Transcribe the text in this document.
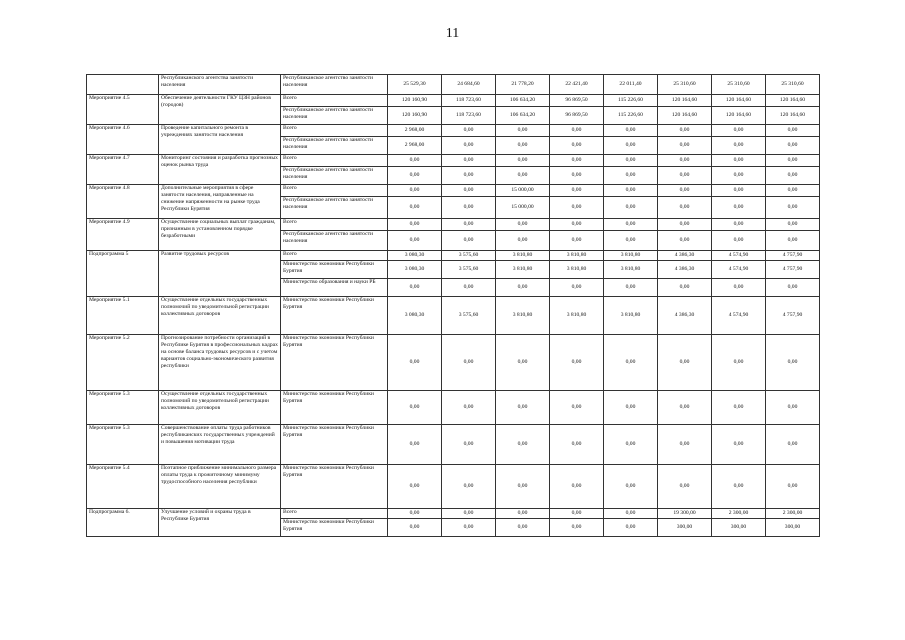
11
	Республиканского агентства занятости населения	Республиканское агентство занятости населения	25 529,30	24 684,60	21 778,20	22 421,40	22 011,40	25 310,60	25 310,60	25 310,60
Мероприятие 4.5	Обеспечение деятельности ГКУ ЦЗН районов (городов)	Всего	120 160,90	118 723,60	106 634,20	96 869,50	115 226,60	120 164,60	120 164,60	120 164,60
		Республиканское агентство занятости населения	120 160,90	118 723,60	106 634,20	96 869,50	115 226,60	120 164,60	120 164,60	120 164,60
Мероприятие 4.6	Проведение капитального ремонта в учреждениях занятости населения	Всего	2 968,00	0,00	0,00	0,00	0,00	0,00	0,00	0,00
		Республиканское агентство занятости населения	2 968,00	0,00	0,00	0,00	0,00	0,00	0,00	0,00
Мероприятие 4.7	Мониторинг состояния и разработка прогнозных оценок рынка труда	Всего	0,00	0,00	0,00	0,00	0,00	0,00	0,00	0,00
		Республиканское агентство занятости населения	0,00	0,00	0,00	0,00	0,00	0,00	0,00	0,00
Мероприятие 4.8	Дополнительные мероприятия в сфере занятости населения, направленные на снижение напряженности на рынке труда Республики Бурятия	Всего	0,00	0,00	15 000,00	0,00	0,00	0,00	0,00	0,00
		Республиканское агентство занятости населения	0,00	0,00	15 000,00	0,00	0,00	0,00	0,00	0,00
Мероприятие 4.9	Осуществление социальных выплат гражданам, признанным в установленном порядке безработными	Всего	0,00	0,00	0,00	0,00	0,00	0,00	0,00	0,00
		Республиканское агентство занятости населения	0,00	0,00	0,00	0,00	0,00	0,00	0,00	0,00
Подпрограмма 5	Развитие трудовых ресурсов	Всего	3 080,30	3 575,60	3 810,80	3 810,80	3 810,80	4 386,30	4 574,90	4 757,90
		Министерство экономики Республики Бурятия	3 080,30	3 575,60	3 810,80	3 810,80	3 810,80	4 386,30	4 574,90	4 757,90
		Министерство образования и науки РБ	0,00	0,00	0,00	0,00	0,00	0,00	0,00	0,00
Мероприятие 5.1	Осуществление отдельных государственных полномочий по уведомительной регистрации коллективных договоров	Министерство экономики Республики Бурятия	3 080,30	3 575,60	3 810,80	3 810,80	3 810,80	4 386,30	4 574,90	4 757,90
Мероприятие 5.2	Прогнозирование потребности организаций в Республике Бурятия в профессиональных кадрах на основе баланса трудовых ресурсов и с учетом вариантов социально-экономического развития республики	Министерство экономики Республики Бурятия	0,00	0,00	0,00	0,00	0,00	0,00	0,00	0,00
Мероприятие 5.3	Осуществление отдельных государственных полномочий по уведомительной регистрации коллективных договоров	Министерство экономики Республики Бурятия	0,00	0,00	0,00	0,00	0,00	0,00	0,00	0,00
Мероприятие 5.3	Совершенствование оплаты труда работников республиканских государственных учреждений и повышения мотивации труда	Министерство экономики Республики Бурятия	0,00	0,00	0,00	0,00	0,00	0,00	0,00	0,00
Мероприятие 5.4	Поэтапное приближение минимального размера оплаты труда к прожиточному минимуму трудоспособного населения республики	Министерство экономики Республики Бурятия	0,00	0,00	0,00	0,00	0,00	0,00	0,00	0,00
Подпрограмма 6.	Улучшение условий и охраны труда в Республике Бурятия	Всего	0,00	0,00	0,00	0,00	0,00	19 300,00	2 300,00	2 300,00
		Министерство экономики Республики Бурятия	0,00	0,00	0,00	0,00	0,00	300,00	300,00	300,00
